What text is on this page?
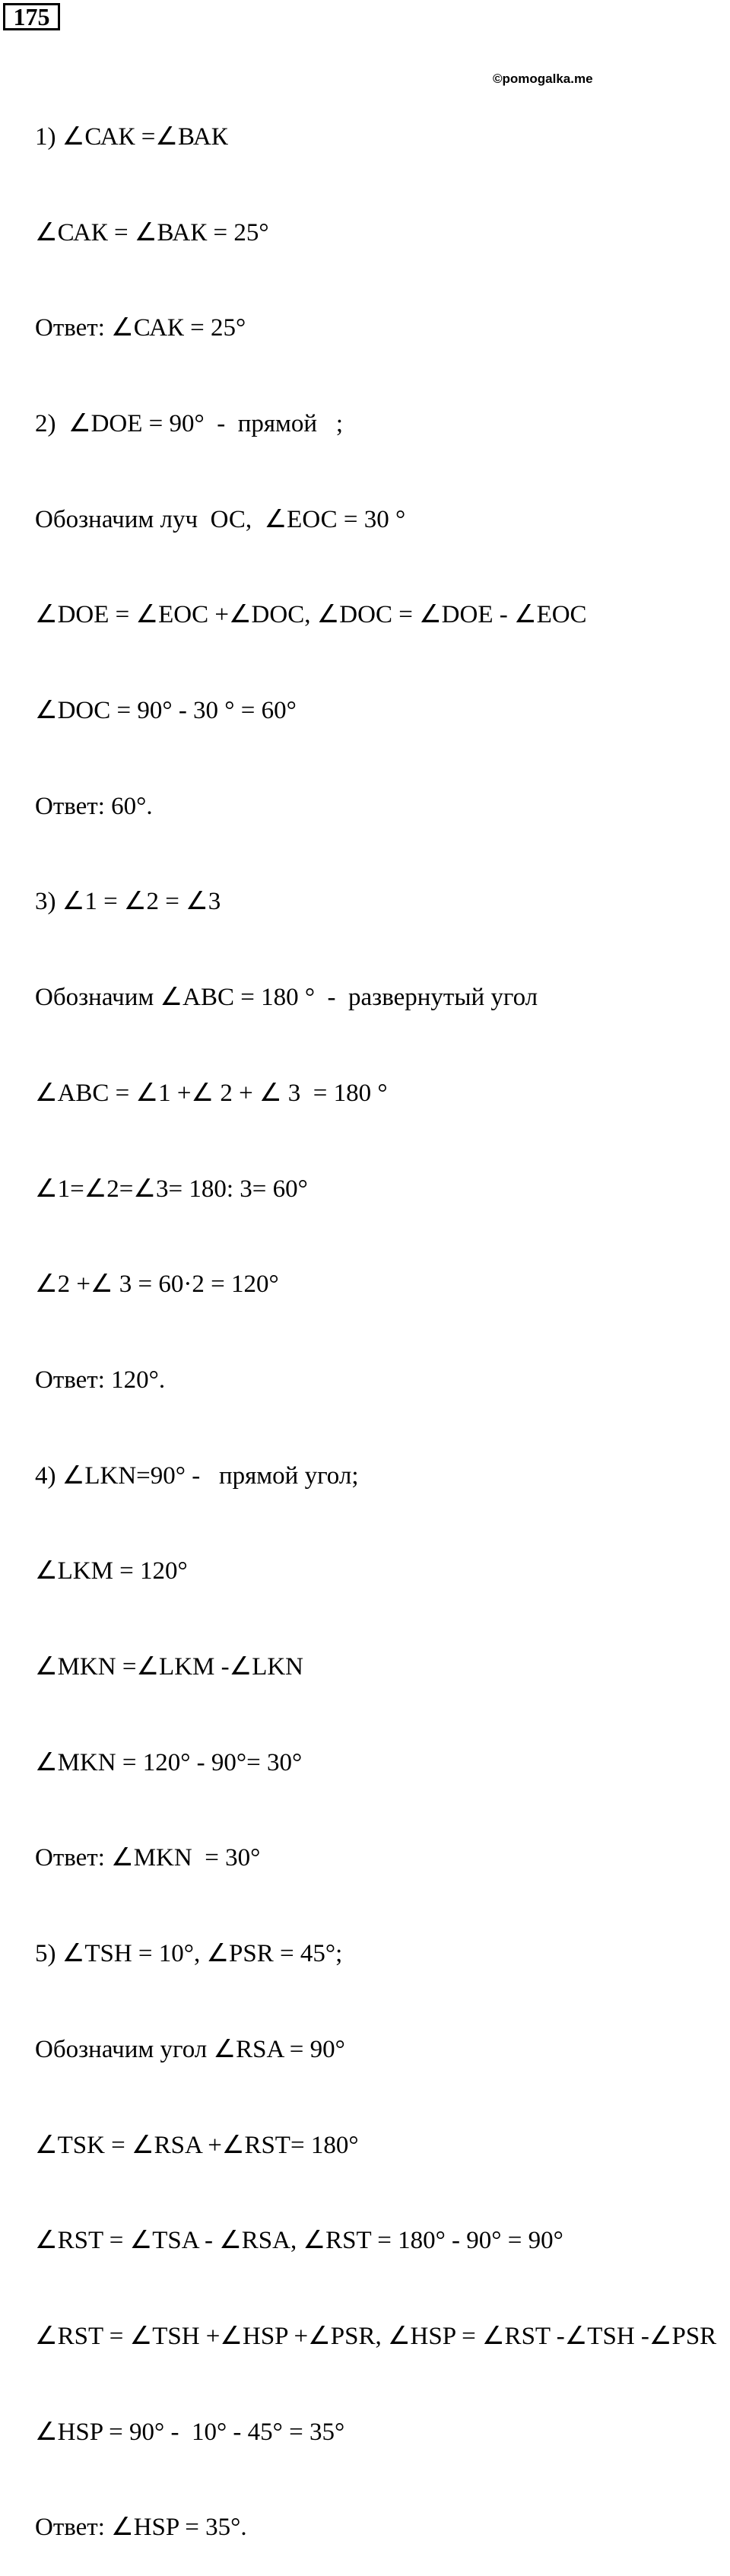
175
©pomogalka.me

1) ∠САК =∠ВАК

∠САК = ∠ВАК = 25°

Ответ: ∠САК = 25°

2)  ∠DOE = 90°  -  прямой   ;

Обозначим луч  ОС,  ∠ЕОС = 30 °

∠DOE = ∠EOC +∠DOC, ∠DOC = ∠DOE - ∠EOC

∠DOC = 90° - 30 ° = 60°

Ответ: 60°.

3) ∠1 = ∠2 = ∠3

Обозначим ∠ABC = 180 °  -  развернутый угол

∠ABC = ∠1 +∠ 2 + ∠ 3  = 180 °

∠1=∠2=∠3= 180: 3= 60°

∠2 +∠ 3 = 60·2 = 120°

Ответ: 120°.

4) ∠LKN=90° -   прямой угол;

∠LKM = 120°

∠MKN =∠LKM -∠LKN

∠MKN = 120° - 90°= 30°

Ответ: ∠MKN  = 30°

5) ∠TSH = 10°, ∠PSR = 45°;

Обозначим угол ∠RSA = 90°

∠TSK = ∠RSA +∠RST= 180°

∠RST = ∠TSA - ∠RSA, ∠RST = 180° - 90° = 90°

∠RST = ∠TSH +∠HSP +∠PSR, ∠HSP = ∠RST -∠TSH -∠PSR

∠HSP = 90° -  10° - 45° = 35°

Ответ: ∠HSP = 35°.
